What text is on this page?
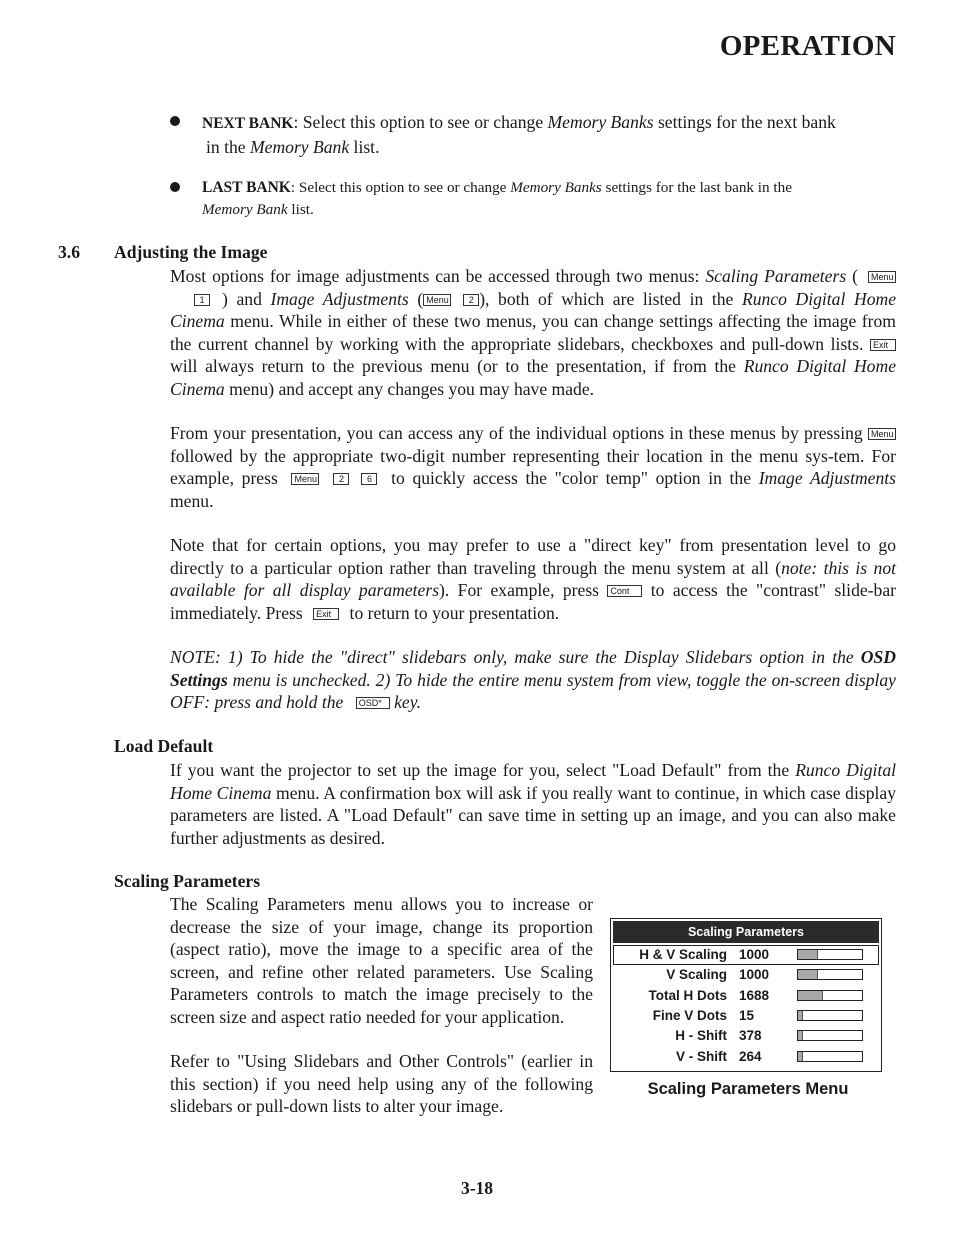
OPERATION
NEXT BANK: Select this option to see or change Memory Banks settings for the next bank
in the Memory Bank list.
LAST BANK: Select this option to see or change Memory Banks settings for the last bank in the
Memory Bank list.
3.6 Adjusting the Image
Most options for image adjustments can be accessed through two menus: Scaling Parameters ( Menu1 ) and Image Adjustments ( Menu 2 ), both of which are listed in the Runco Digital Home Cinema menu. While in either of these two menus, you can change settings affecting the image from the current channel by working with the appropriate slidebars, checkboxes and pull-down lists. Exit will always return to the previous menu (or to the presentation, if from the Runco Digital Home Cinema menu) and accept any changes you may have made.
From your presentation, you can access any of the individual options in these menus by pressing Menu followed by the appropriate two-digit number representing their location in the menu sys-tem. For example, press Menu 2	6 to quickly access the "color temp" option in the Image Adjustments menu.
Note that for certain options, you may prefer to use a "direct key" from presentation level to go directly to a particular option rather than traveling through the menu system at all (note: this is not available for all display parameters). For example, press Cont to access the "contrast" slide-bar immediately. Press Exit to return to your presentation.
NOTE: 1) To hide the "direct" slidebars only, make sure the Display Slidebars option in the OSD Settings menu is unchecked. 2) To hide the entire menu system from view, toggle the on-screen display OFF: press and hold the OSD* key.
Load Default
If you want the projector to set up the image for you, select "Load Default" from the Runco Digital Home Cinema menu. A confirmation box will ask if you really want to continue, in which case display parameters are listed. A "Load Default" can save time in setting up an image, and you can also make further adjustments as desired.
Scaling Parameters
The Scaling Parameters menu allows you to increase or decrease the size of your image, change its proportion (aspect ratio), move the image to a specific area of the screen, and refine other related parameters. Use Scaling Parameters controls to match the image precisely to the screen size and aspect ratio needed for your application.
Refer to "Using Slidebars and Other Controls" (earlier in this section) if you need help using any of the following slidebars or pull-down lists to alter your image.
Scaling Parameters
H & V Scaling 1000
V Scaling 1000
Total H Dots 1688
Fine V Dots 15
H - Shift 378
V - Shift 264
Scaling Parameters Menu
3-18
